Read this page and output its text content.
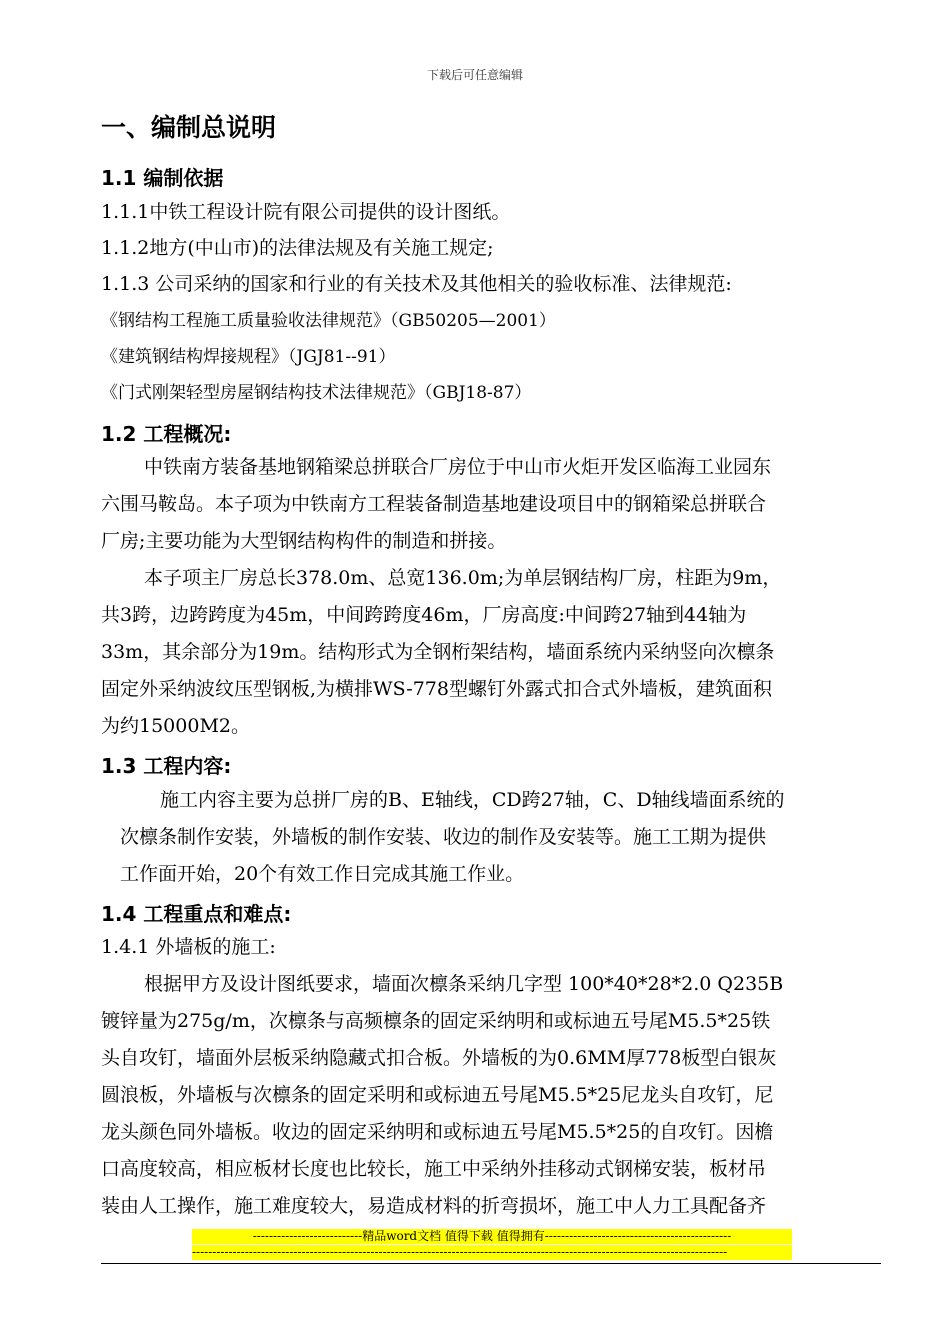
下载后可任意编辑
一、编制总说明
1.1 编制依据
1.1.1中铁工程设计院有限公司提供的设计图纸。
1.1.2地方(中山市)的法律法规及有关施工规定;
1.1.3 公司采纳的国家和行业的有关技术及其他相关的验收标准、法律规范:
《钢结构工程施工质量验收法律规范》（GB50205—2001）
《建筑钢结构焊接规程》（JGJ81--91）
《门式刚架轻型房屋钢结构技术法律规范》（GBJ18-87）
1.2 工程概况:
中铁南方装备基地钢箱梁总拼联合厂房位于中山市火炬开发区临海工业园东
六围马鞍岛。本子项为中铁南方工程装备制造基地建设项目中的钢箱梁总拼联合
厂房;主要功能为大型钢结构构件的制造和拼接。
本子项主厂房总长378.0m、总宽136.0m;为单层钢结构厂房，柱距为9m，
共3跨，边跨跨度为45m，中间跨跨度46m，厂房高度:中间跨27轴到44轴为
33m，其余部分为19m。结构形式为全钢桁架结构，墙面系统内采纳竖向次檩条
固定外采纳波纹压型钢板,为横排WS-778型螺钉外露式扣合式外墙板，建筑面积
为约15000M2。
1.3 工程内容:
施工内容主要为总拼厂房的B、E轴线，CD跨27轴，C、D轴线墙面系统的
次檩条制作安装，外墙板的制作安装、收边的制作及安装等。施工工期为提供
工作面开始，20个有效工作日完成其施工作业。
1.4 工程重点和难点:
1.4.1 外墙板的施工:
根据甲方及设计图纸要求，墙面次檩条采纳几字型 100*40*28*2.0 Q235B
镀锌量为275g/m，次檩条与高频檩条的固定采纳明和或标迪五号尾M5.5*25铁
头自攻钉，墙面外层板采纳隐藏式扣合板。外墙板的为0.6MM厚778板型白银灰
圆浪板，外墙板与次檩条的固定采明和或标迪五号尾M5.5*25尼龙头自攻钉，尼
龙头颜色同外墙板。收边的固定采纳明和或标迪五号尾M5.5*25的自攻钉。因檐
口高度较高，相应板材长度也比较长，施工中采纳外挂移动式钢梯安装，板材吊
装由人工操作，施工难度较大，易造成材料的折弯损坏，施工中人力工具配备齐
---------------------------精品word文档 值得下载 值得拥有----------------------------------------------
------------------------------------------------------------------------------------------------------------------------------------
